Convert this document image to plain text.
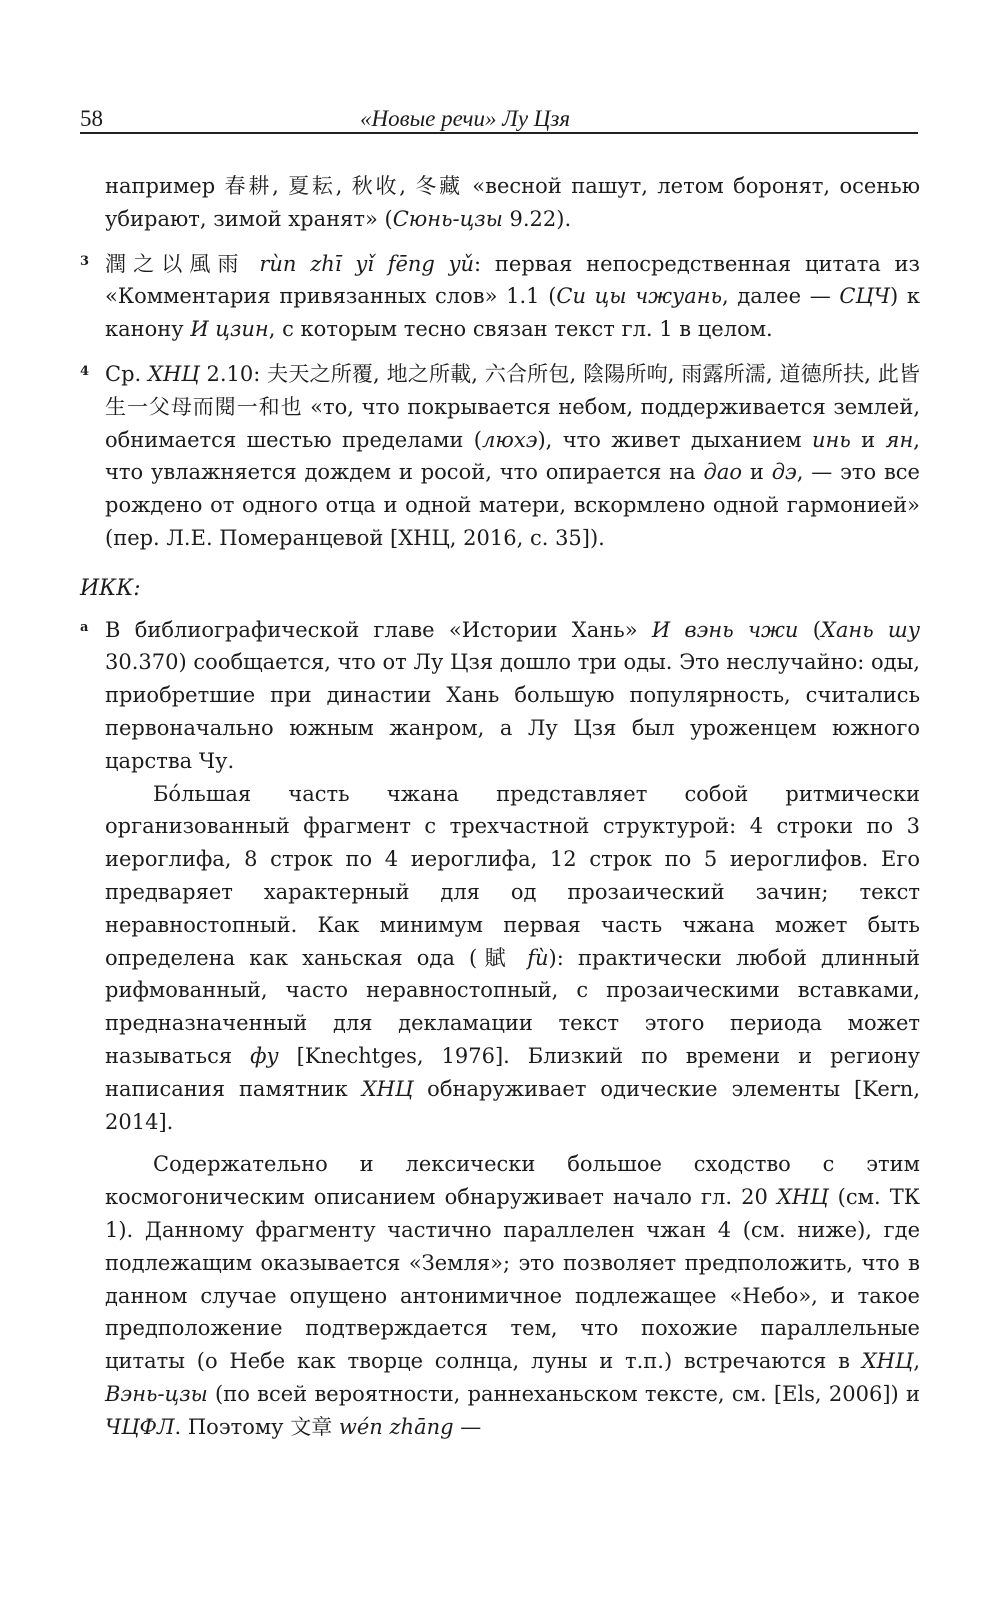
58	«Новые речи» Лу Цзя

например 春耕, 夏耘, 秋收, 冬藏 «весной пашут, летом боронят, осенью убирают, зимой хранят» (Сюнь-цзы 9.22).

3 潤之以風雨 rùn zhī yǐ fēng yǔ: первая непосредственная цитата из «Комментария привязанных слов» 1.1 (Си цы чжуань, далее — СЦЧ) к канону И цзин, с которым тесно связан текст гл. 1 в целом.

4 Ср. ХНЦ 2.10: 夫天之所覆, 地之所載, 六合所包, 陰陽所呴, 雨露所濡, 道德所扶, 此皆生一父母而閱一和也 «то, что покрывается небом, поддерживается землей, обнимается шестью пределами (люхэ), что живет дыханием инь и ян, что увлажняется дождем и росой, что опирается на дао и дэ, — это все рождено от одного отца и одной матери, вскормлено одной гармонией» (пер. Л.Е. Померанцевой [ХНЦ, 2016, с. 35]).

ИКК:

a В библиографической главе «Истории Хань» И вэнь чжи (Хань шу 30.370) сообщается, что от Лу Цзя дошло три оды. Это неслучайно: оды, приобретшие при династии Хань большую популярность, считались первоначально южным жанром, а Лу Цзя был уроженцем южного царства Чу.

Бóльшая часть чжана представляет собой ритмически организованный фрагмент с трехчастной структурой: 4 строки по 3 иероглифа, 8 строк по 4 иероглифа, 12 строк по 5 иероглифов. Его предваряет характерный для од прозаический зачин; текст неравностопный. Как минимум первая часть чжана может быть определена как ханьская ода (賦 fù): практически любой длинный рифмованный, часто неравностопный, с прозаическими вставками, предназначенный для декламации текст этого периода может называться фу [Knechtges, 1976]. Близкий по времени и региону написания памятник ХНЦ обнаруживает одические элементы [Kern, 2014].

Содержательно и лексически большое сходство с этим космогоническим описанием обнаруживает начало гл. 20 ХНЦ (см. ТК 1). Данному фрагменту частично параллелен чжан 4 (см. ниже), где подлежащим оказывается «Земля»; это позволяет предположить, что в данном случае опущено антонимичное подлежащее «Небо», и такое предположение подтверждается тем, что похожие параллельные цитаты (о Небе как творце солнца, луны и т.п.) встречаются в ХНЦ, Вэнь-цзы (по всей вероятности, раннеханьском тексте, см. [Els, 2006]) и ЧЦФЛ. Поэтому 文章 wén zhāng —
